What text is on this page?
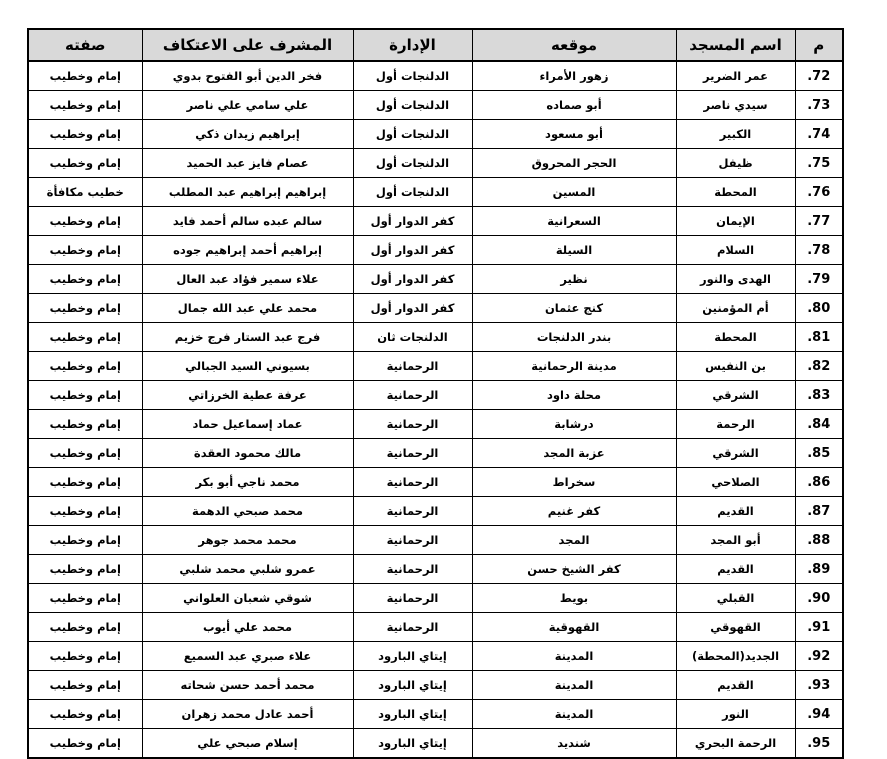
م	اسم المسجد	موقعه	الإدارة	المشرف على الاعتكاف	صفته
.72	عمر الضرير	زهور الأمراء	الدلنجات أول	فخر الدين أبو الفتوح بدوي	إمام وخطيب
.73	سيدي ناصر	أبو صماده	الدلنجات أول	علي سامي علي ناصر	إمام وخطيب
.74	الكبير	أبو مسعود	الدلنجات أول	إبراهيم زيدان ذكي	إمام وخطيب
.75	ظيفل	الحجر المحروق	الدلنجات أول	عصام فايز عبد الحميد	إمام وخطيب
.76	المحطة	المسين	الدلنجات أول	إبراهيم إبراهيم عبد المطلب	خطيب مكافأة
.77	الإيمان	السعرانية	كفر الدوار أول	سالم عبده سالم أحمد فايد	إمام وخطيب
.78	السلام	السيلة	كفر الدوار أول	إبراهيم أحمد إبراهيم جوده	إمام وخطيب
.79	الهدى والنور	نظير	كفر الدوار أول	علاء سمير فؤاد عبد العال	إمام وخطيب
.80	أم المؤمنين	كنج عثمان	كفر الدوار أول	محمد علي عبد الله جمال	إمام وخطيب
.81	المحطة	بندر الدلنجات	الدلنجات ثان	فرج عبد الستار فرج خزيم	إمام وخطيب
.82	بن النفيس	مدينة الرحمانية	الرحمانية	بسيوني السيد الجبالي	إمام وخطيب
.83	الشرقي	محلة داود	الرحمانية	عرفة عطية الخرزاتي	إمام وخطيب
.84	الرحمة	درشابة	الرحمانية	عماد إسماعيل حماد	إمام وخطيب
.85	الشرقي	عزبة المجد	الرحمانية	مالك محمود العقدة	إمام وخطيب
.86	الصلاحي	سخراط	الرحمانية	محمد ناجي أبو بكر	إمام وخطيب
.87	القديم	كفر غنيم	الرحمانية	محمد صبحي الدهمة	إمام وخطيب
.88	أبو المجد	المجد	الرحمانية	محمد محمد جوهر	إمام وخطيب
.89	القديم	كفر الشيخ حسن	الرحمانية	عمرو شلبي محمد شلبي	إمام وخطيب
.90	القبلي	بويط	الرحمانية	شوقي شعبان العلواني	إمام وخطيب
.91	القهوقي	القهوقية	الرحمانية	محمد علي أيوب	إمام وخطيب
.92	الجديد(المحطة)	المدينة	إيتاي البارود	علاء صبري عبد السميع	إمام وخطيب
.93	القديم	المدينة	إيتاي البارود	محمد أحمد حسن شحاته	إمام وخطيب
.94	النور	المدينة	إيتاي البارود	أحمد عادل محمد زهران	إمام وخطيب
.95	الرحمة البحري	شنديد	إيتاي البارود	إسلام صبحي علي	إمام وخطيب
